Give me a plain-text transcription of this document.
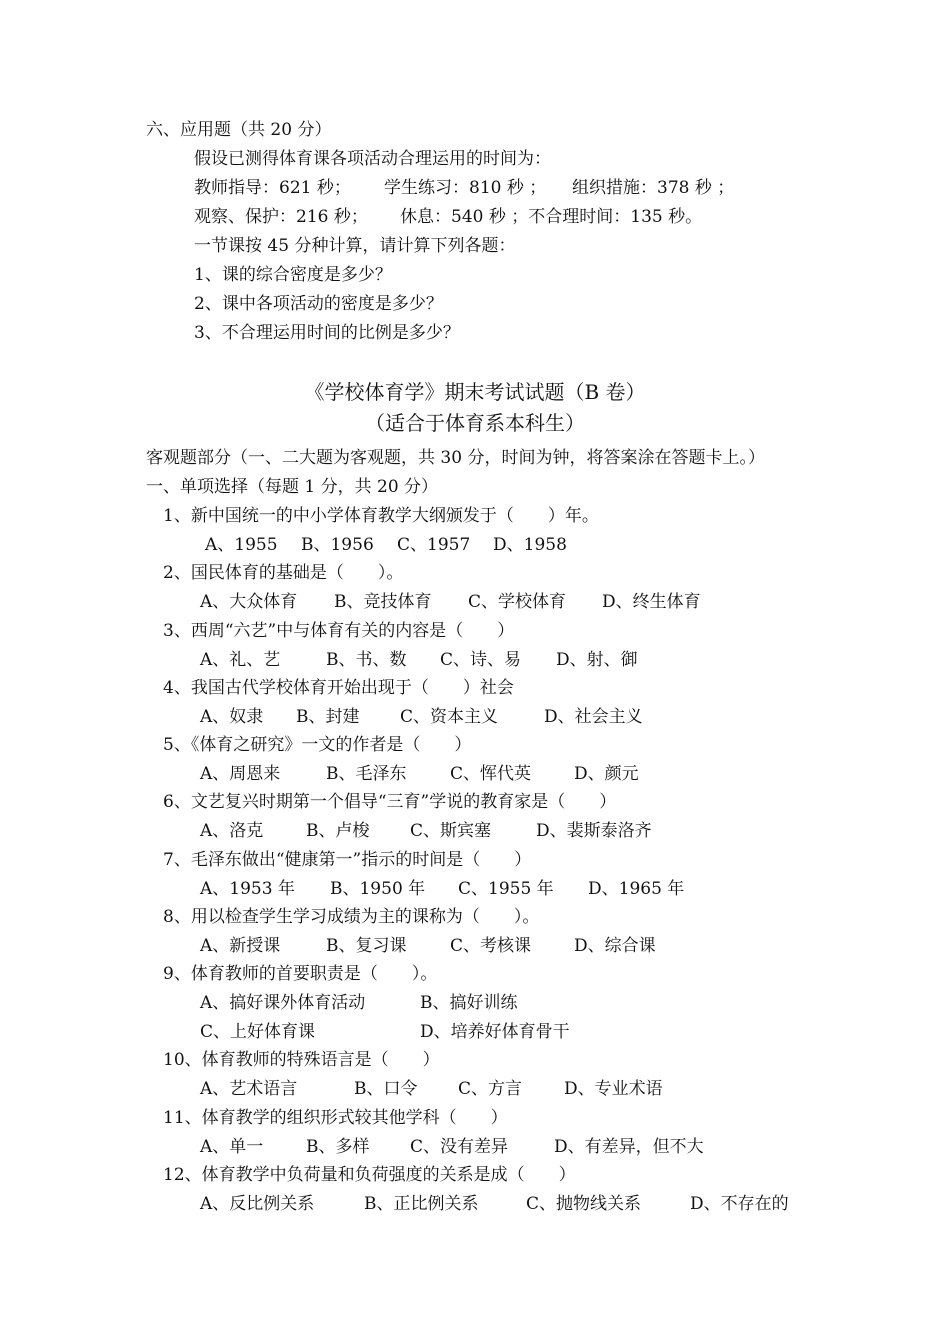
六、应用题（共 20 分）
假设已测得体育课各项活动合理运用的时间为：

教师指导：621 秒；

学生练习：810 秒 ；

组织措施：378 秒 ；

观察、保护：216 秒；

休息：540 秒 ；不合理时间：135 秒。

一节课按 45 分种计算，请计算下列各题：
1、课的综合密度是多少？
2、课中各项活动的密度是多少？
3、不合理运用时间的比例是多少？
《学校体育学》期末考试试题（B 卷）
（适合于体育系本科生）
客观题部分（一、二大题为客观题，共 30 分，时间为钟，将答案涂在答题卡上。）
一、单项选择（每题 1 分，共 20 分）
1、新中国统一的中小学体育教学大纲颁发于（　　）年。

A、1955

B、1956

C、1957

D、1958

2、国民体育的基础是（　　）。

A、大众体育

B、竞技体育

C、学校体育

D、终生体育

3、西周“六艺”中与体育有关的内容是（　　）

A、礼、艺

	B、书、数

C、诗、易

D、射、御

4、我国古代学校体育开始出现于（　　）社会

A、奴隶

B、封建

C、资本主义

	D、社会主义

5、《体育之研究》一文的作者是（　　）

A、周恩来

	B、毛泽东

	C、恽代英

	D、颜元

6、文艺复兴时期第一个倡导“三育”学说的教育家是（　　）

A、洛克

	B、卢梭

C、斯宾塞

	D、裴斯泰洛齐

7、毛泽东做出“健康第一”指示的时间是（　　）

A、1953 年

B、1950 年

C、1955 年

D、1965 年

8、用以检查学生学习成绩为主的课称为（　　）。

A、新授课

	B、复习课

	C、考核课

	D、综合课

9、体育教师的首要职责是（　　）。

A、搞好课外体育活动

	B、搞好训练

C、上好体育课

	D、培养好体育骨干

10、体育教师的特殊语言是（　　）

A、艺术语言

	B、口令

C、方言

D、专业术语

11、体育教学的组织形式较其他学科（　　）

A、单一

	B、多样

C、没有差异

	D、有差异，但不大

12、体育教学中负荷量和负荷强度的关系是成（　　）

A、反比例关系

	B、正比例关系

	C、抛物线关系

	D、不存在的
